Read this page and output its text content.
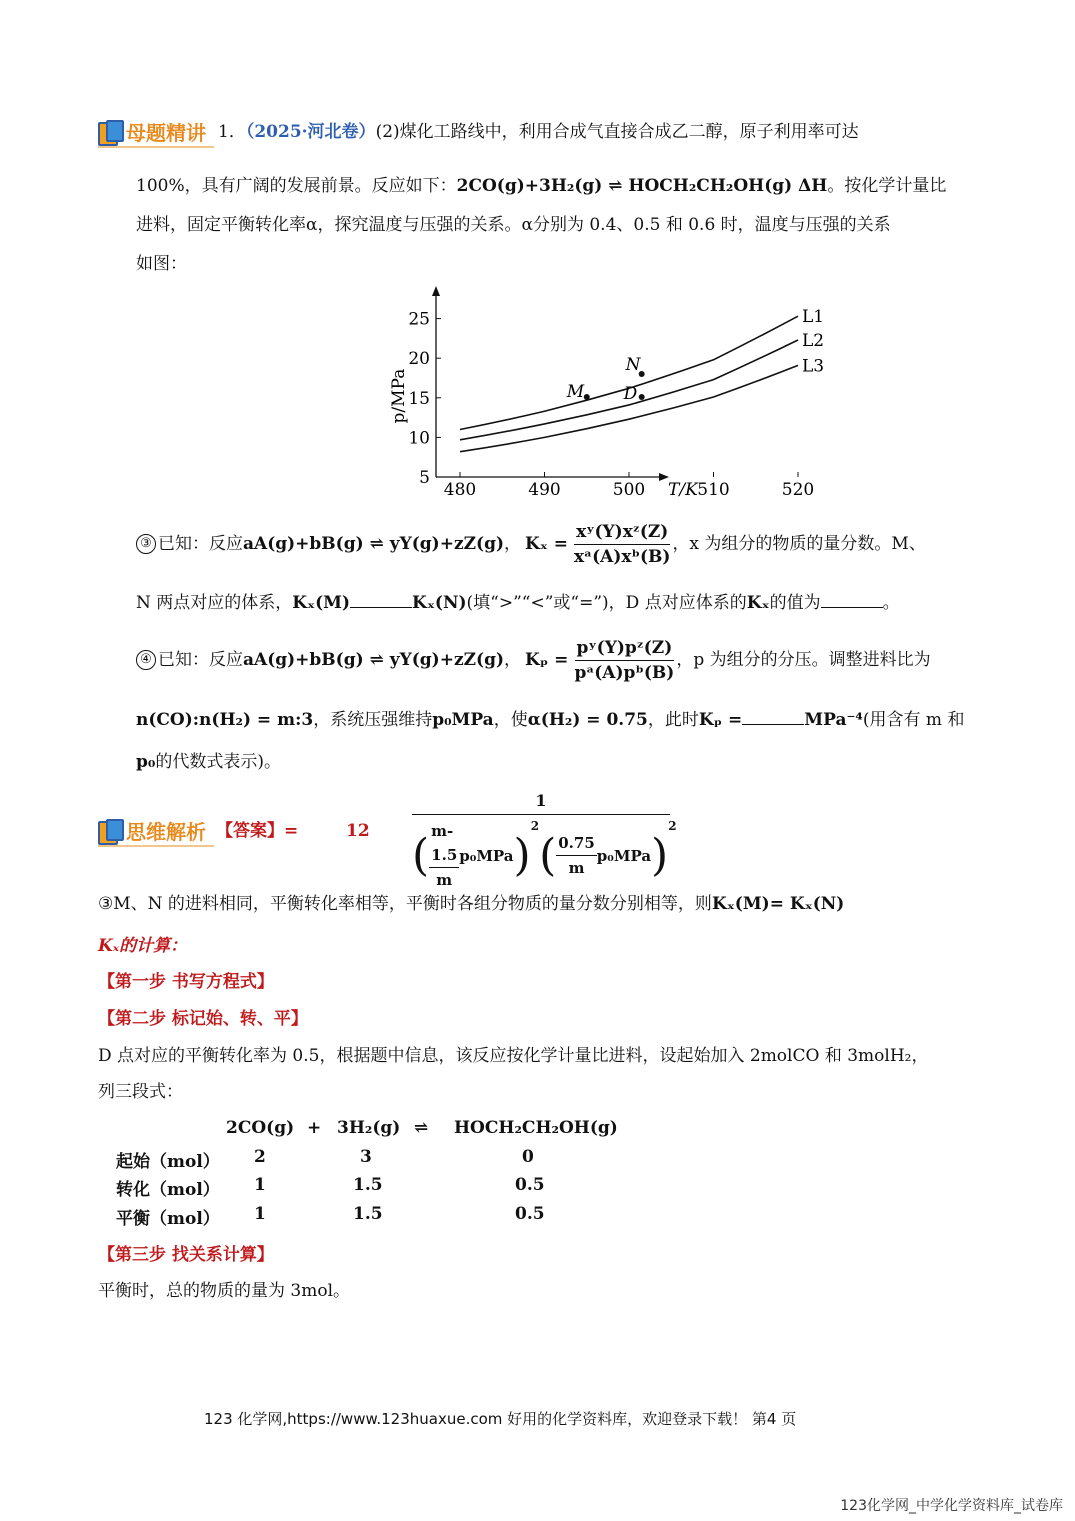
母题精讲 1．（2025·河北卷）(2)煤化工路线中，利用合成气直接合成乙二醇，原子利用率可达
100%，具有广阔的发展前景。反应如下：2CO(g)+3H₂(g) ⇌ HOCH₂CH₂OH(g) ΔH。按化学计量比
进料，固定平衡转化率α，探究温度与压强的关系。α分别为 0.4、0.5 和 0.6 时，温度与压强的关系
如图：
480	490	500	510	520
5
10
15
20
25
T/K
p/MPa
L1
L2
L3
M
N
D
③ 已知：反应 aA(g)+bB(g) ⇌ yY(g)+zZ(g) ， $K_x = \frac{\text{xʸ(Y)xᶻ(Z)}}{\text{xᵃ(A)xᵇ(B)}}$ ，x 为组分的物质的量分数。M、
N 两点对应的体系，Kₓ(M)	Kₓ(N)(填“>”“<”或“=”)，D 点对应体系的Kₓ的值为	。
④ 已知：反应 aA(g)+bB(g) ⇌ yY(g)+zZ(g) ， $K_p = \frac{\text{pʸ(Y)pᶻ(Z)}}{\text{pᵃ(A)pᵇ(B)}}$ ，p 为组分的分压。调整进料比为
n(CO):n(H₂) = m:3，系统压强维持p₀MPa，使α(H₂) = 0.75，此时Kₚ =	MPa⁻⁴(用含有 m 和
p₀的代数式表示)。
思维解析 【答案】=	12
1
( $\frac{m-1.5}{m} p_0MPa$ )
2
( $\frac{0.75}{m} p_0MPa$ )
2
③M、N 的进料相同，平衡转化率相等，平衡时各组分物质的量分数分别相等，则Kₓ(M)= Kₓ(N)
Kₓ的计算：
【第一步 书写方程式】
【第二步 标记始、转、平】
D 点对应的平衡转化率为 0.5，根据题中信息，该反应按化学计量比进料，设起始加入 2molCO 和 3molH₂，
列三段式：
2CO(g) + 3H₂(g) ⇌ HOCH₂CH₂OH(g)
起始（mol） 2	3	0
转化（mol） 1	1.5	0.5
平衡（mol） 1	1.5	0.5
【第三步 找关系计算】
平衡时，总的物质的量为 3mol。
123 化学网,https://www.123huaxue.com 好用的化学资料库，欢迎登录下载！ 第4 页
123化学网_中学化学资料库_试卷库
